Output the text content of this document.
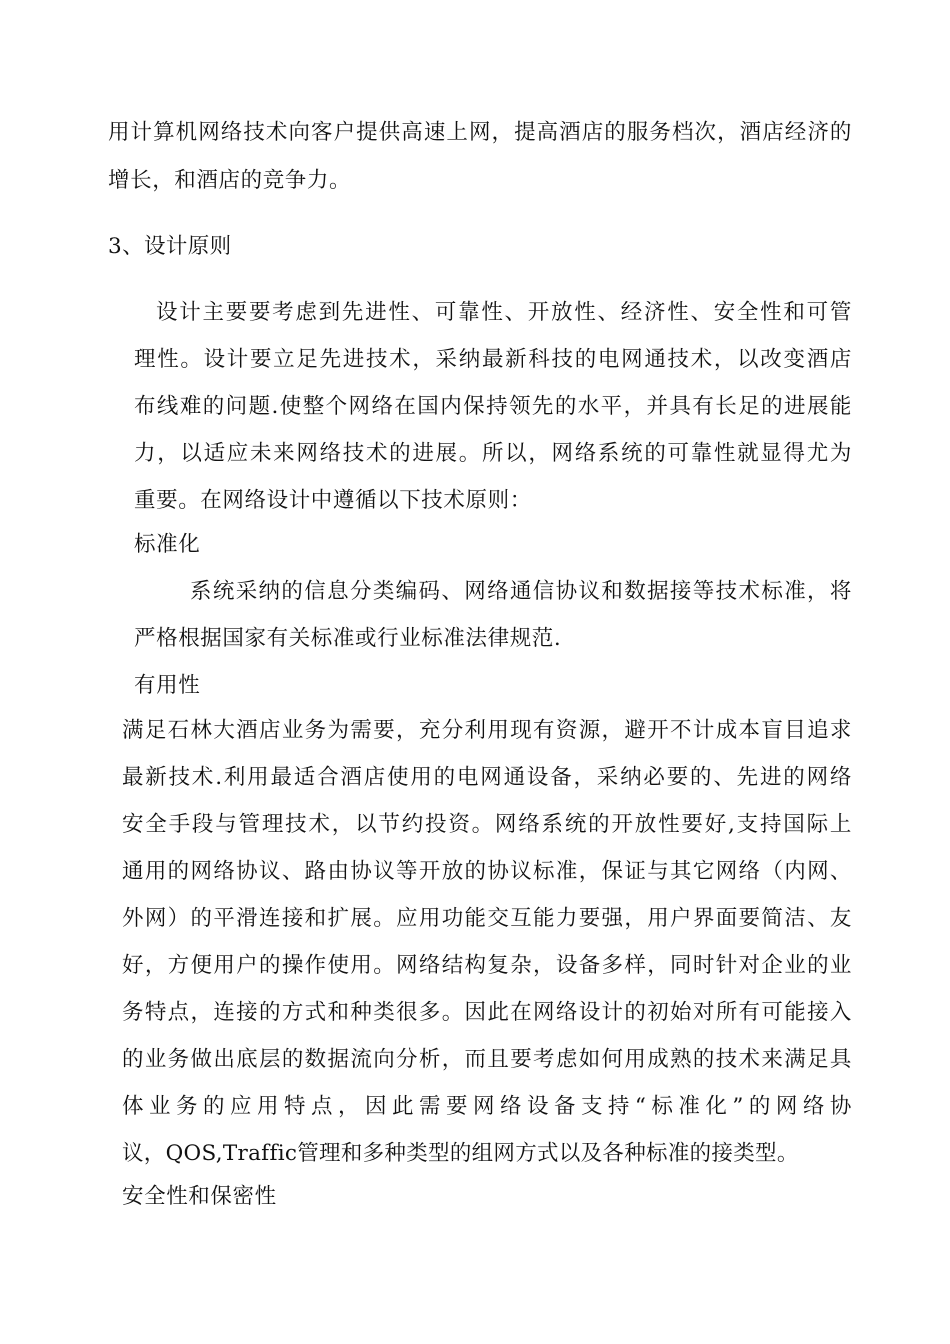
用计算机网络技术向客户提供高速上网，提高酒店的服务档次，酒店经济的
增长，和酒店的竞争力。
3、设计原则
设计主要要考虑到先进性、可靠性、开放性、经济性、安全性和可管
理性。设计要立足先进技术，采纳最新科技的电网通技术，以改变酒店
布线难的问题.使整个网络在国内保持领先的水平，并具有长足的进展能
力，以适应未来网络技术的进展。所以，网络系统的可靠性就显得尤为
重要。在网络设计中遵循以下技术原则：
标准化
系统采纳的信息分类编码、网络通信协议和数据接等技术标准，将
严格根据国家有关标准或行业标准法律规范.
有用性
满足石林大酒店业务为需要，充分利用现有资源，避开不计成本盲目追求
最新技术.利用最适合酒店使用的电网通设备，采纳必要的、先进的网络
安全手段与管理技术，以节约投资。网络系统的开放性要好,支持国际上
通用的网络协议、路由协议等开放的协议标准，保证与其它网络（内网、
外网）的平滑连接和扩展。应用功能交互能力要强，用户界面要简洁、友
好，方便用户的操作使用。网络结构复杂，设备多样，同时针对企业的业
务特点，连接的方式和种类很多。因此在网络设计的初始对所有可能接入
的业务做出底层的数据流向分析，而且要考虑如何用成熟的技术来满足具
体业务的应用特点，因此需要网络设备支持“标准化”的网络协
议，QOS,Traffic管理和多种类型的组网方式以及各种标准的接类型。
安全性和保密性
